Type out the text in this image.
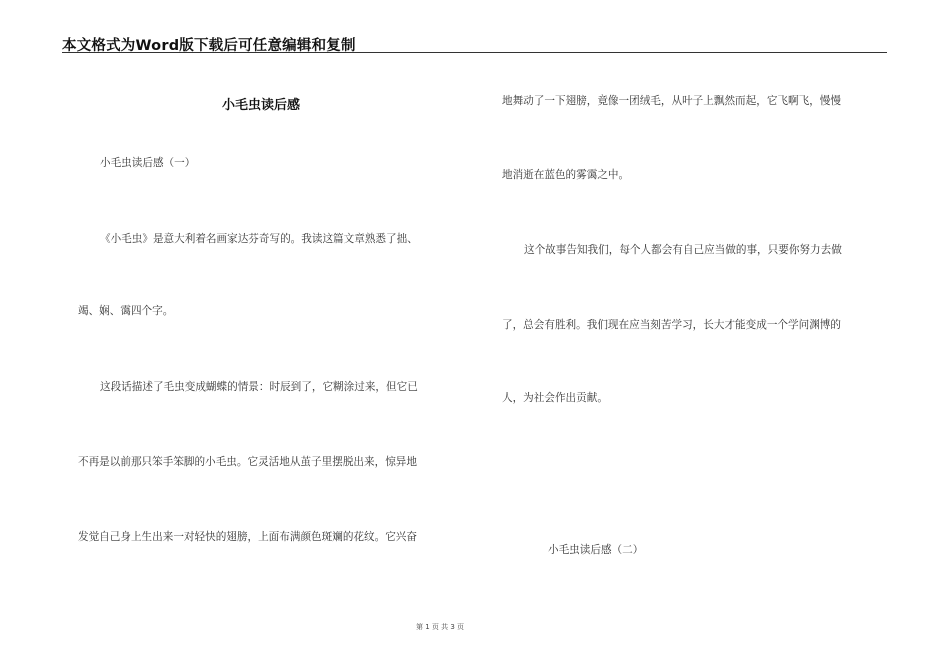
本文格式为Word版下载后可任意编辑和复制
小毛虫读后感
小毛虫读后感（一）
《小毛虫》是意大利着名画家达芬奇写的。我读这篇文章熟悉了拙、
竭、娴、霭四个字。
这段话描述了毛虫变成蝴蝶的情景：时辰到了，它糊涂过来，但它已
不再是以前那只笨手笨脚的小毛虫。它灵活地从茧子里摆脱出来，惊异地
发觉自己身上生出来一对轻快的翅膀，上面布满颜色斑斓的花纹。它兴奋
地舞动了一下翅膀，竟像一团绒毛，从叶子上飘然而起，它飞啊飞，慢慢
地消逝在蓝色的雾霭之中。
这个故事告知我们，每个人都会有自己应当做的事，只要你努力去做
了，总会有胜利。我们现在应当刻苦学习，长大才能变成一个学问渊博的
人，为社会作出贡献。
小毛虫读后感（二）
第 1 页 共 3 页
